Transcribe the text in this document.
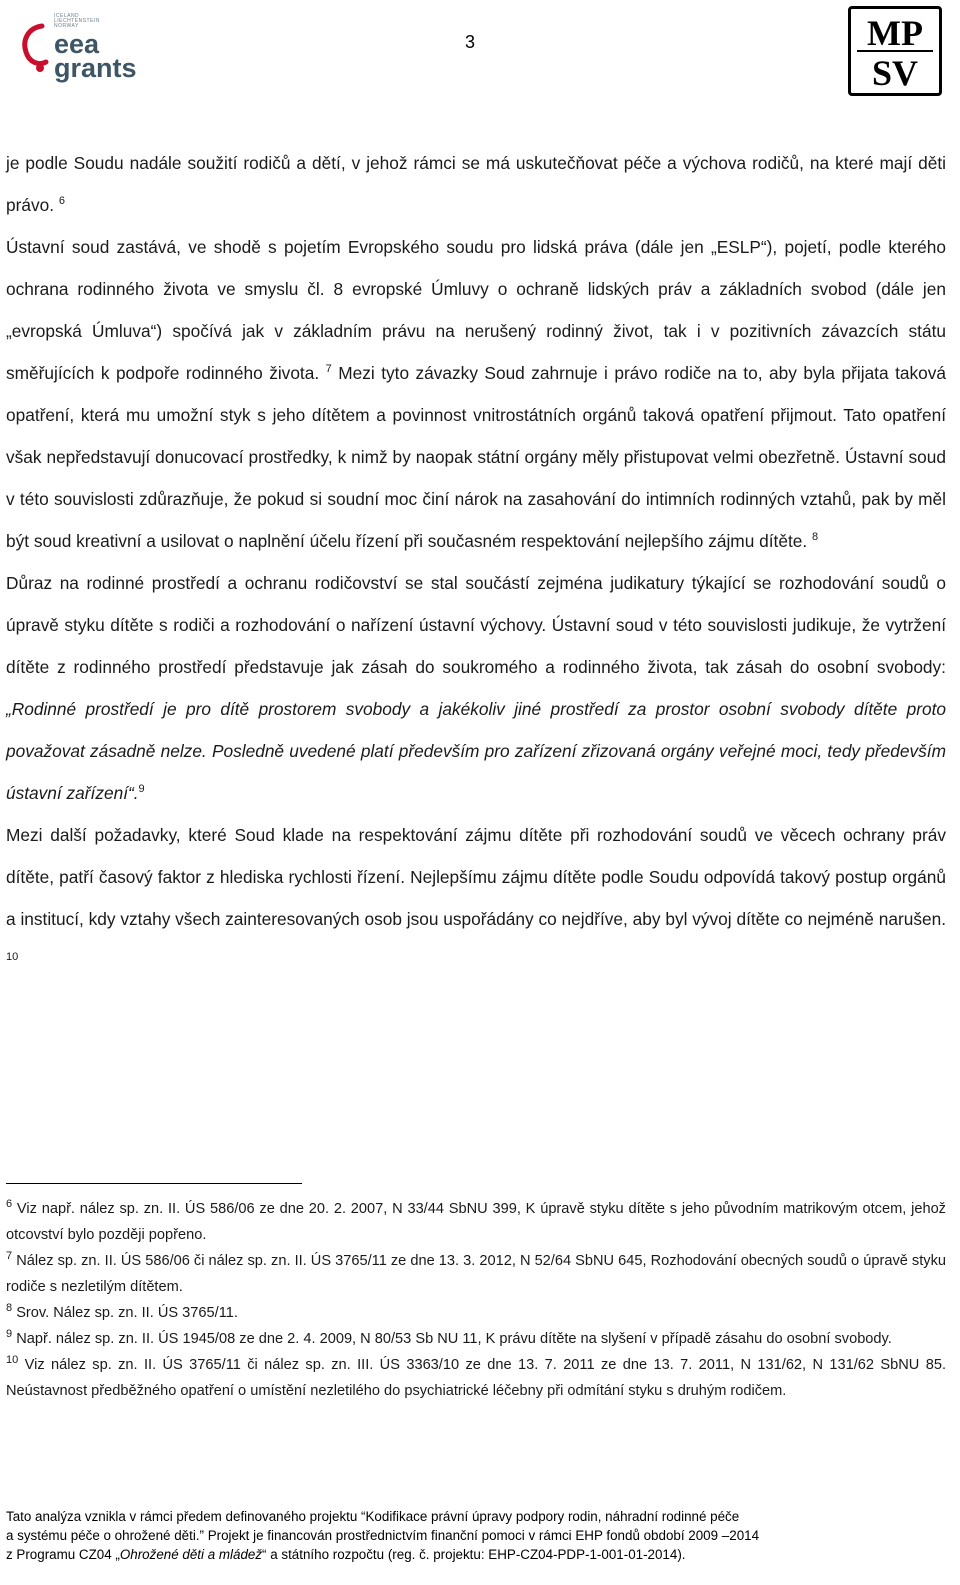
ICELAND
LIECHTENSTEIN
NORWAY
eea
grants
3	MP
SV

je podle Soudu nadále soužití rodičů a dětí, v jehož rámci se má uskutečňovat péče a výchova rodičů, na které mají děti právo. $^6$

Ústavní soud zastává, ve shodě s pojetím Evropského soudu pro lidská práva (dále jen „ESLP“), pojetí, podle kterého ochrana rodinného života ve smyslu čl. 8 evropské Úmluvy o ochraně lidských práv a základních svobod (dále jen „evropská Úmluva“) spočívá jak v základním právu na nerušený rodinný život, tak i v pozitivních závazcích státu směřujících k podpoře rodinného života. $^7$ Mezi tyto závazky Soud zahrnuje i právo rodiče na to, aby byla přijata taková opatření, která mu umožní styk s jeho dítětem a povinnost vnitrostátních orgánů taková opatření přijmout. Tato opatření však nepředstavují donucovací prostředky, k nimž by naopak státní orgány měly přistupovat velmi obezřetně. Ústavní soud v této souvislosti zdůrazňuje, že pokud si soudní moc činí nárok na zasahování do intimních rodinných vztahů, pak by měl být soud kreativní a usilovat o naplnění účelu řízení při současném respektování nejlepšího zájmu dítěte. $^8$

Důraz na rodinné prostředí a ochranu rodičovství se stal součástí zejména judikatury týkající se rozhodování soudů o úpravě styku dítěte s rodiči a rozhodování o nařízení ústavní výchovy. Ústavní soud v této souvislosti judikuje, že vytržení dítěte z rodinného prostředí představuje jak zásah do soukromého a rodinného života, tak zásah do osobní svobody: „Rodinné prostředí je pro dítě prostorem svobody a jakékoliv jiné prostředí za prostor osobní svobody dítěte proto považovat zásadně nelze. Posledně uvedené platí především pro zařízení zřizovaná orgány veřejné moci, tedy především ústavní zařízení“.$^9$

Mezi další požadavky, které Soud klade na respektování zájmu dítěte při rozhodování soudů ve věcech ochrany práv dítěte, patří časový faktor z hlediska rychlosti řízení. Nejlepšímu zájmu dítěte podle Soudu odpovídá takový postup orgánů a institucí, kdy vztahy všech zainteresovaných osob jsou uspořádány co nejdříve, aby byl vývoj dítěte co nejméně narušen. $^{10}$

$^6$ Viz např. nález sp. zn. II. ÚS 586/06 ze dne 20. 2. 2007, N 33/44 SbNU 399, K úpravě styku dítěte s jeho původním matrikovým otcem, jehož otcovství bylo později popřeno.

$^7$ Nález sp. zn. II. ÚS 586/06 či nález sp. zn. II. ÚS 3765/11 ze dne 13. 3. 2012, N 52/64 SbNU 645, Rozhodování obecných soudů o úpravě styku rodiče s nezletilým dítětem.

$^8$ Srov. Nález sp. zn. II. ÚS 3765/11.

$^9$ Např. nález sp. zn. II. ÚS 1945/08 ze dne 2. 4. 2009, N 80/53 Sb NU 11, K právu dítěte na slyšení v případě zásahu do osobní svobody.

$^{10}$ Viz nález sp. zn. II. ÚS 3765/11 či nález sp. zn. III. ÚS 3363/10 ze dne 13. 7. 2011 ze dne 13. 7. 2011, N 131/62, N 131/62 SbNU 85. Neústavnost předběžného opatření o umístění nezletilého do psychiatrické léčebny při odmítání styku s druhým rodičem.

Tato analýza vznikla v rámci předem definovaného projektu “Kodifikace právní úpravy podpory rodin, náhradní rodinné péče

a systému péče o ohrožené děti.” Projekt je financován prostřednictvím finanční pomoci v rámci EHP fondů období 2009 –2014

z Programu CZ04 „Ohrožené děti a mládež“ a státního rozpočtu (reg. č. projektu: EHP-CZ04-PDP-1-001-01-2014).
